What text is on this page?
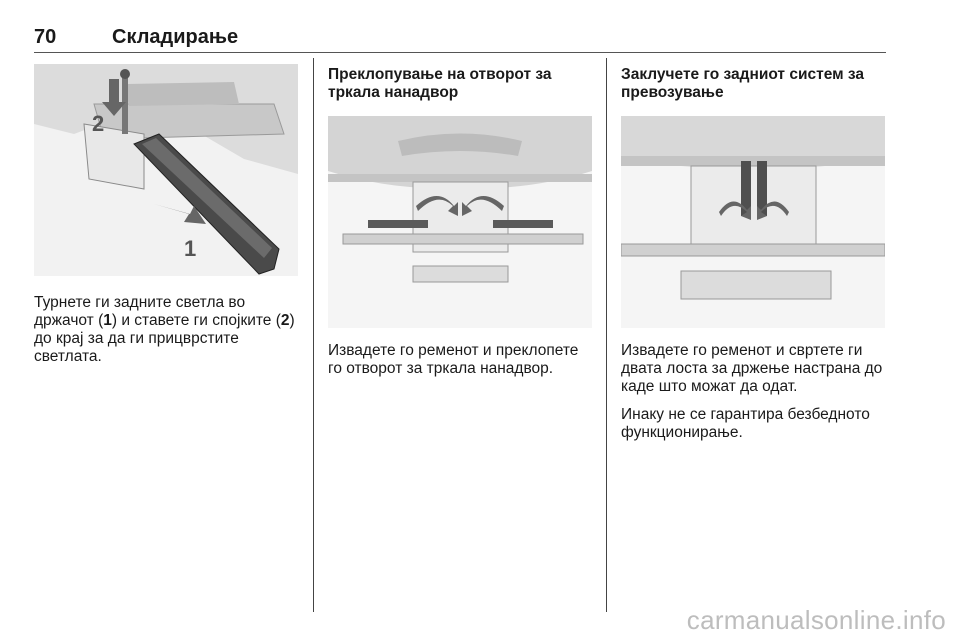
70	Складирање
2
1

Турнете ги задните светла во држачот (1) и ставете ги спојките (2) до крај за да ги прицврстите светлата.

Преклопување на отворот за тркала нанадвор

Извадете го ременот и преклопете го отворот за тркала нанадвор.

Заклучете го задниот систем за превозување

Извадете го ременот и свртете ги двата лоста за држење настрана до каде што можат да одат.

Инаку не се гарантира безбедното функционирање.

carmanualsonline.info
